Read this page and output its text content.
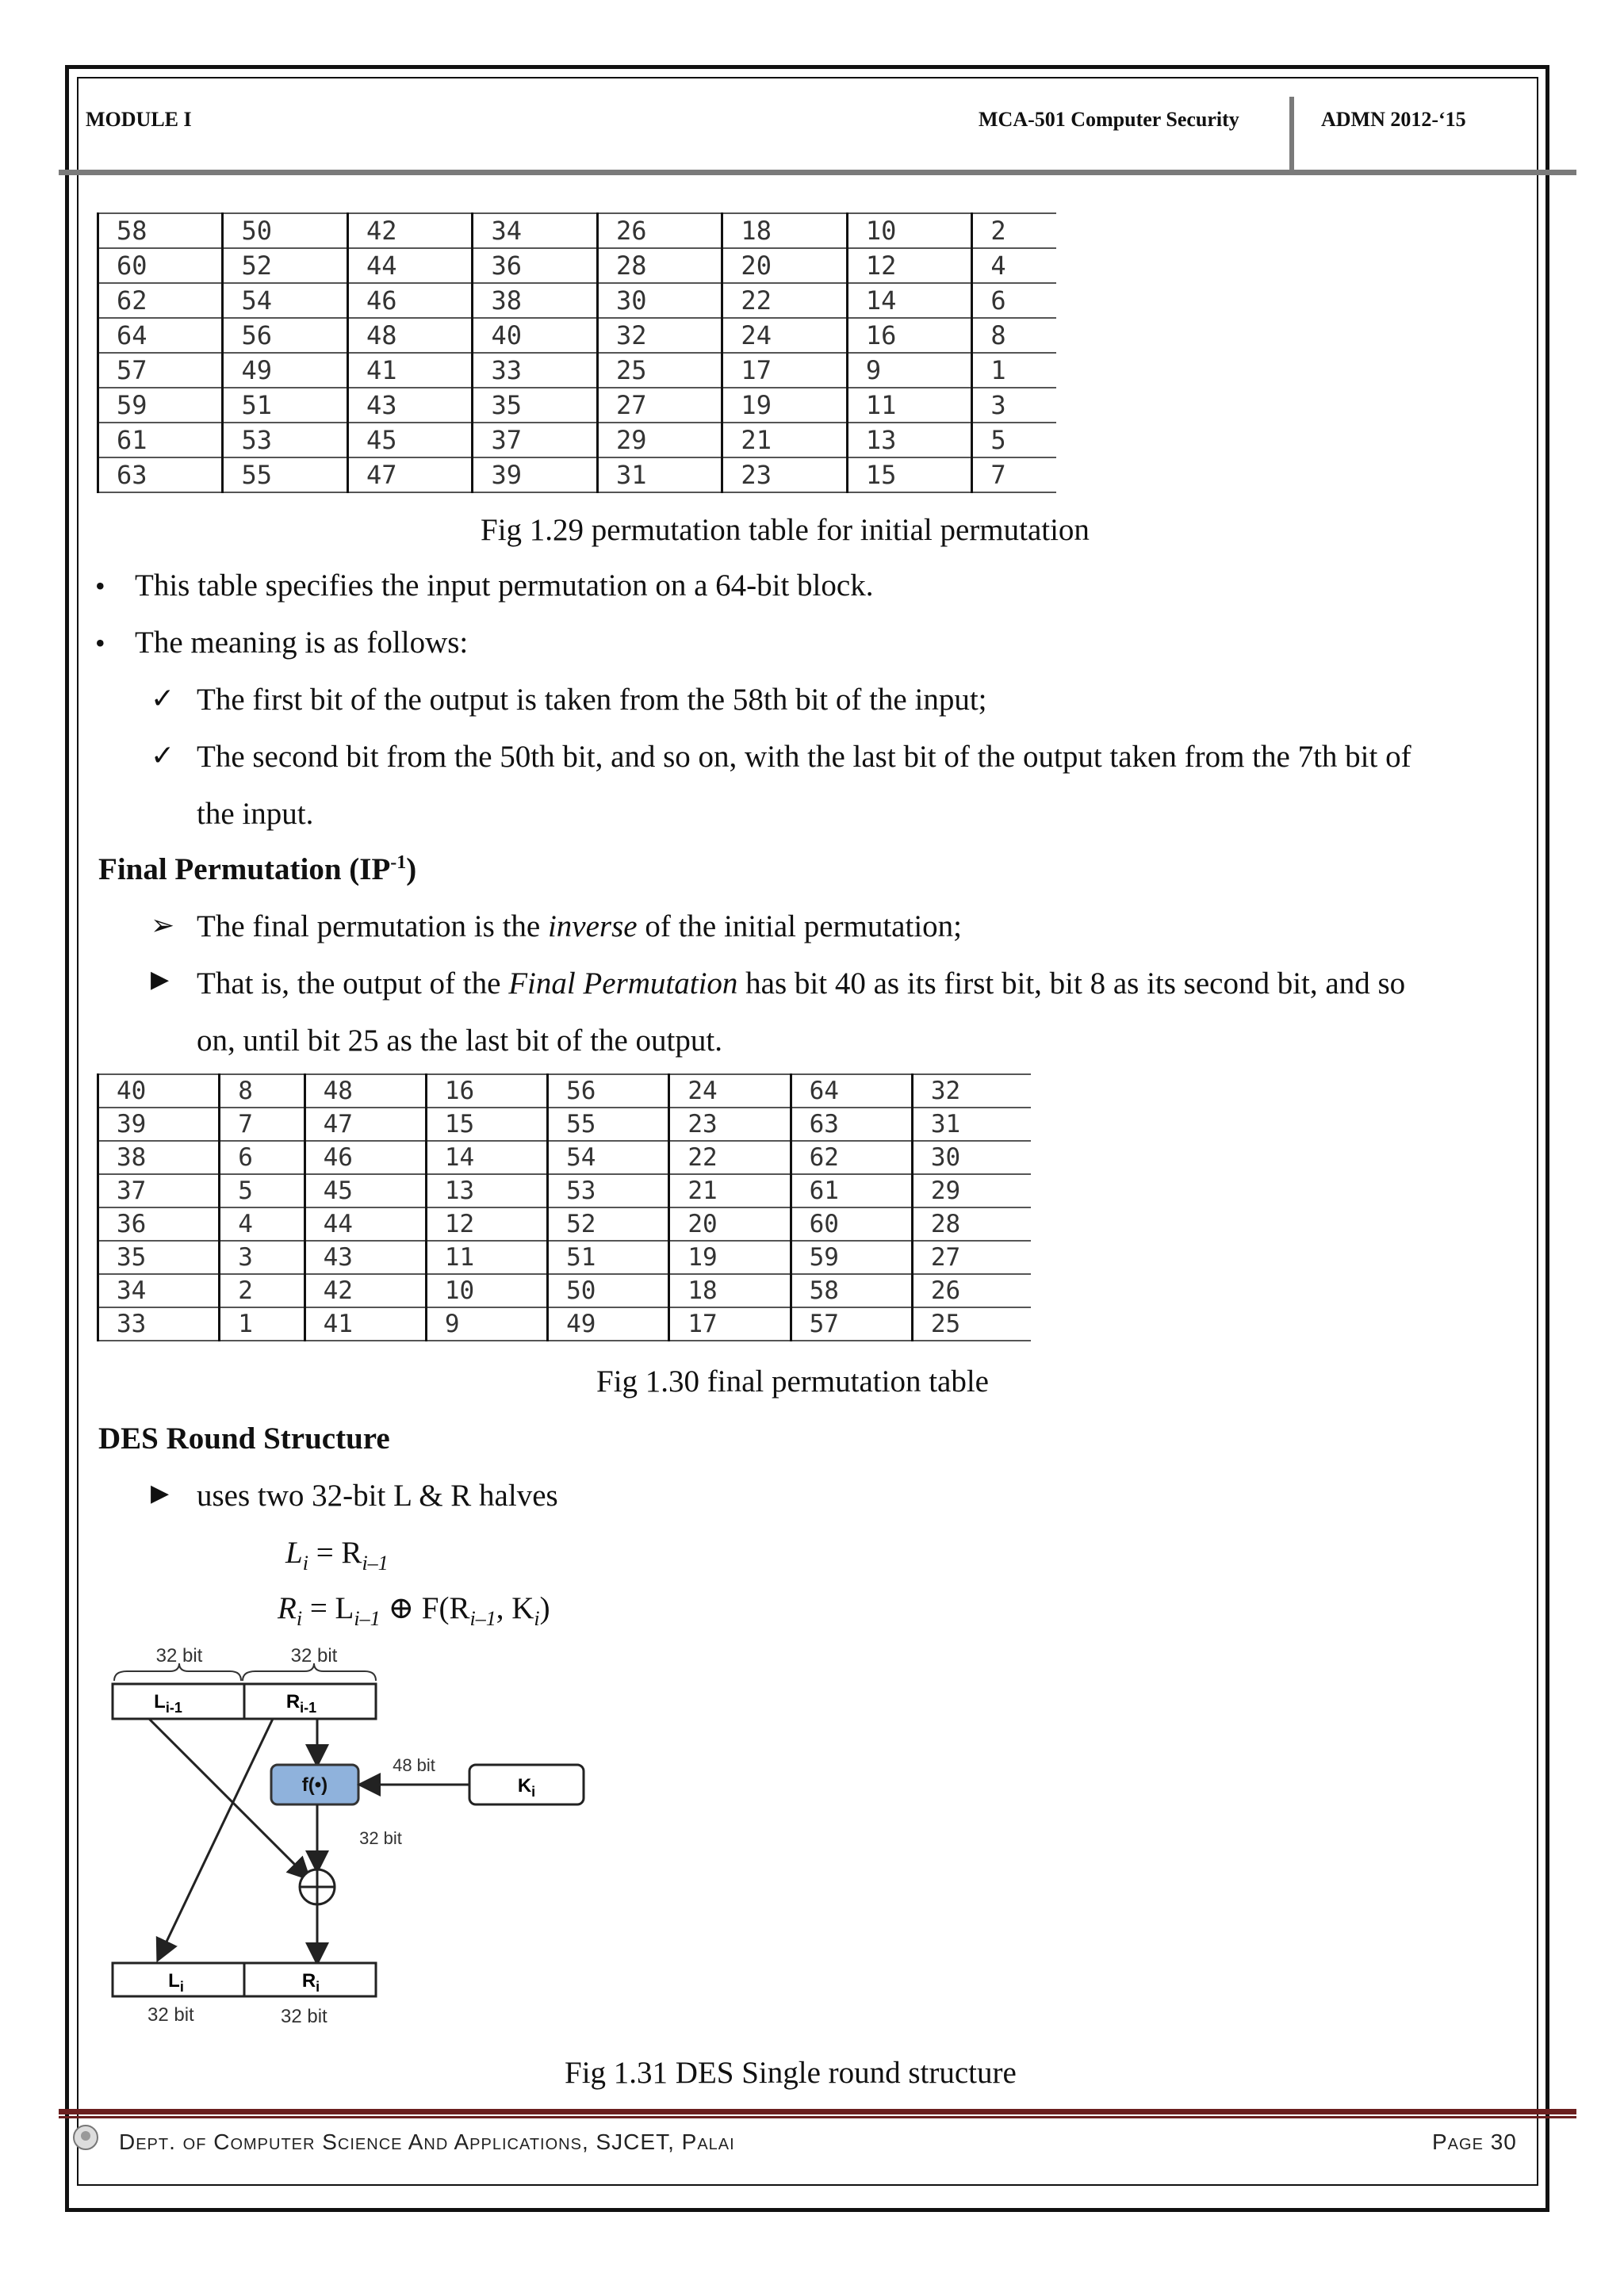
MODULE I	MCA-501 Computer Security	ADMN 2012-‘15
58	50	42	34	26	18	10	2
60	52	44	36	28	20	12	4
62	54	46	38	30	22	14	6
64	56	48	40	32	24	16	8
57	49	41	33	25	17	9	1
59	51	43	35	27	19	11	3
61	53	45	37	29	21	13	5
63	55	47	39	31	23	15	7
Fig 1.29 permutation table for initial permutation
• This table specifies the input permutation on a 64-bit block.
• The meaning is as follows:
✓ The first bit of the output is taken from the 58th bit of the input;
✓ The second bit from the 50th bit, and so on, with the last bit of the output taken from the 7th bit of
the input.
Final Permutation $(IP^{-1})$
➢ The final permutation is the inverse of the initial permutation;
▶ That is, the output of the Final Permutation has bit 40 as its first bit, bit 8 as its second bit, and so
on, until bit 25 as the last bit of the output.
40	8	48	16	56	24	64	32
39	7	47	15	55	23	63	31
38	6	46	14	54	22	62	30
37	5	45	13	53	21	61	29
36	4	44	12	52	20	60	28
35	3	43	11	51	19	59	27
34	2	42	10	50	18	58	26
33	1	41	9	49	17	57	25
Fig 1.30 final permutation table
DES Round Structure
▶ uses two 32-bit L & R halves
$L_i = R_{i-1}$
$R_i = L_{i-1}$ ⊕ $F(R_{i-1}$, $K_i$)
32 bit	32 bit
$L_{i-1}$	$R_{i-1}$
f(•)	$K_i$
48 bit
32 bit
$L_i$	$R_i$
32 bit	32 bit
Fig 1.31 DES Single round structure
Dept. of Computer Science And Applications, SJCET, Palai	Page 30
